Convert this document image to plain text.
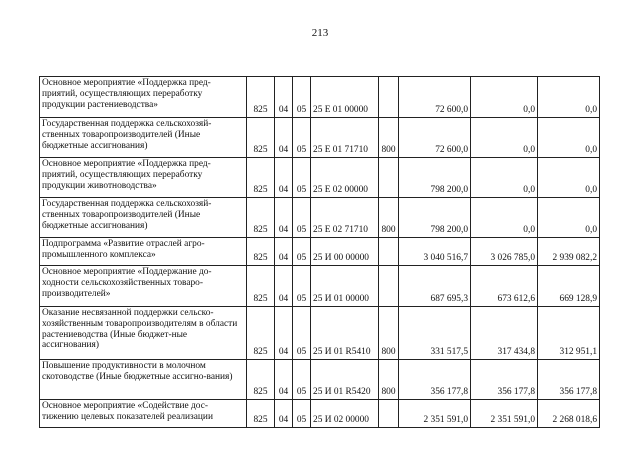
213
Основное мероприятие «Поддержка пред-приятий, осуществляющих переработку продукции растениеводства»	825	04	05	25 Е 01 00000		72 600,0	0,0	0,0
Государственная поддержка сельскохозяй-ственных товаропроизводителей (Иные бюджетные ассигнования)	825	04	05	25 Е 01 71710	800	72 600,0	0,0	0,0
Основное мероприятие «Поддержка пред-приятий, осуществляющих переработку продукции животноводства»	825	04	05	25 Е 02 00000		798 200,0	0,0	0,0
Государственная поддержка сельскохозяй-ственных товаропроизводителей (Иные бюджетные ассигнования)	825	04	05	25 Е 02 71710	800	798 200,0	0,0	0,0
Подпрограмма «Развитие отраслей агро-промышленного комплекса»	825	04	05	25 И 00 00000		3 040 516,7	3 026 785,0	2 939 082,2
Основное мероприятие «Поддержание до-ходности сельскохозяйственных товаро-производителей»	825	04	05	25 И 01 00000		687 695,3	673 612,6	669 128,9
Оказание несвязанной поддержки сельско-хозяйственным товаропроизводителям в области растениеводства (Иные бюджет-ные ассигнования)	825	04	05	25 И 01 R5410	800	331 517,5	317 434,8	312 951,1
Повышение продуктивности в молочном скотоводстве (Иные бюджетные ассигно-вания)	825	04	05	25 И 01 R5420	800	356 177,8	356 177,8	356 177,8
Основное мероприятие «Содействие дос-тижению целевых показателей реализации	825	04	05	25 И 02 00000		2 351 591,0	2 351 591,0	2 268 018,6
